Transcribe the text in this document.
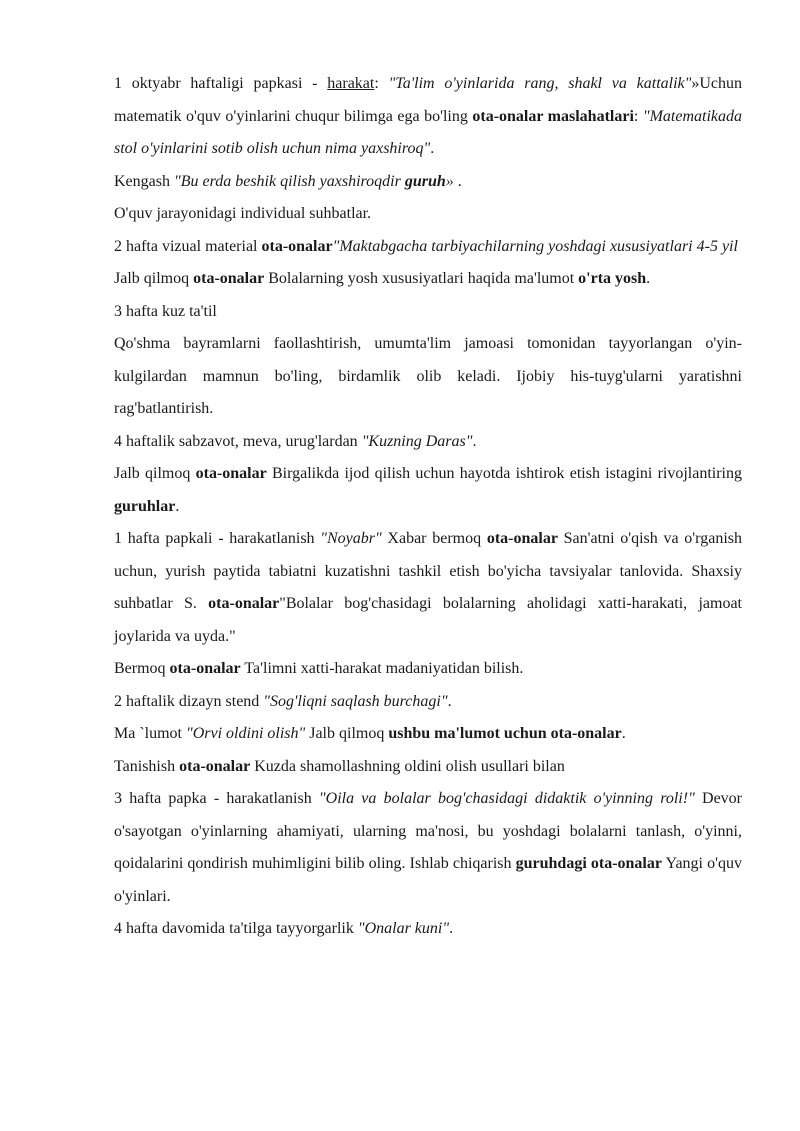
1 oktyabr haftaligi papkasi - harakat: "Ta'lim o'yinlarida rang, shakl va kattalik"»Uchun matematik o'quv o'yinlarini chuqur bilimga ega bo'ling ota-onalar maslahatlari: "Matematikada stol o'yinlarini sotib olish uchun nima yaxshiroq".

Kengash "Bu erda beshik qilish yaxshiroqdir guruh» .

O'quv jarayonidagi individual suhbatlar.

2 hafta vizual material ota-onalar"Maktabgacha tarbiyachilarning yoshdagi xususiyatlari 4-5 yil

Jalb qilmoq ota-onalar Bolalarning yosh xususiyatlari haqida ma'lumot o'rta yosh.

3 hafta kuz ta'til

Qo'shma bayramlarni faollashtirish, umumta'lim jamoasi tomonidan tayyorlangan o'yin-kulgilardan mamnun bo'ling, birdamlik olib keladi. Ijobiy his-tuyg'ularni yaratishni rag'batlantirish.

4 haftalik sabzavot, meva, urug'lardan "Kuzning Daras".

Jalb qilmoq ota-onalar Birgalikda ijod qilish uchun hayotda ishtirok etish istagini rivojlantiring guruhlar.

1 hafta papkali - harakatlanish "Noyabr" Xabar bermoq ota-onalar San'atni o'qish va o'rganish uchun, yurish paytida tabiatni kuzatishni tashkil etish bo'yicha tavsiyalar tanlovida. Shaxsiy suhbatlar S. ota-onalar"Bolalar bog'chasidagi bolalarning aholidagi xatti-harakati, jamoat joylarida va uyda."

Bermoq ota-onalar Ta'limni xatti-harakat madaniyatidan bilish.

2 haftalik dizayn stend "Sog'liqni saqlash burchagi".

Ma `lumot "Orvi oldini olish" Jalb qilmoq ushbu ma'lumot uchun ota-onalar.

Tanishish ota-onalar Kuzda shamollashning oldini olish usullari bilan

3 hafta papka - harakatlanish "Oila va bolalar bog'chasidagi didaktik o'yinning roli!" Devor o'sayotgan o'yinlarning ahamiyati, ularning ma'nosi, bu yoshdagi bolalarni tanlash, o'yinni, qoidalarini qondirish muhimligini bilib oling. Ishlab chiqarish guruhdagi ota-onalar Yangi o'quv o'yinlari.

4 hafta davomida ta'tilga tayyorgarlik "Onalar kuni".
